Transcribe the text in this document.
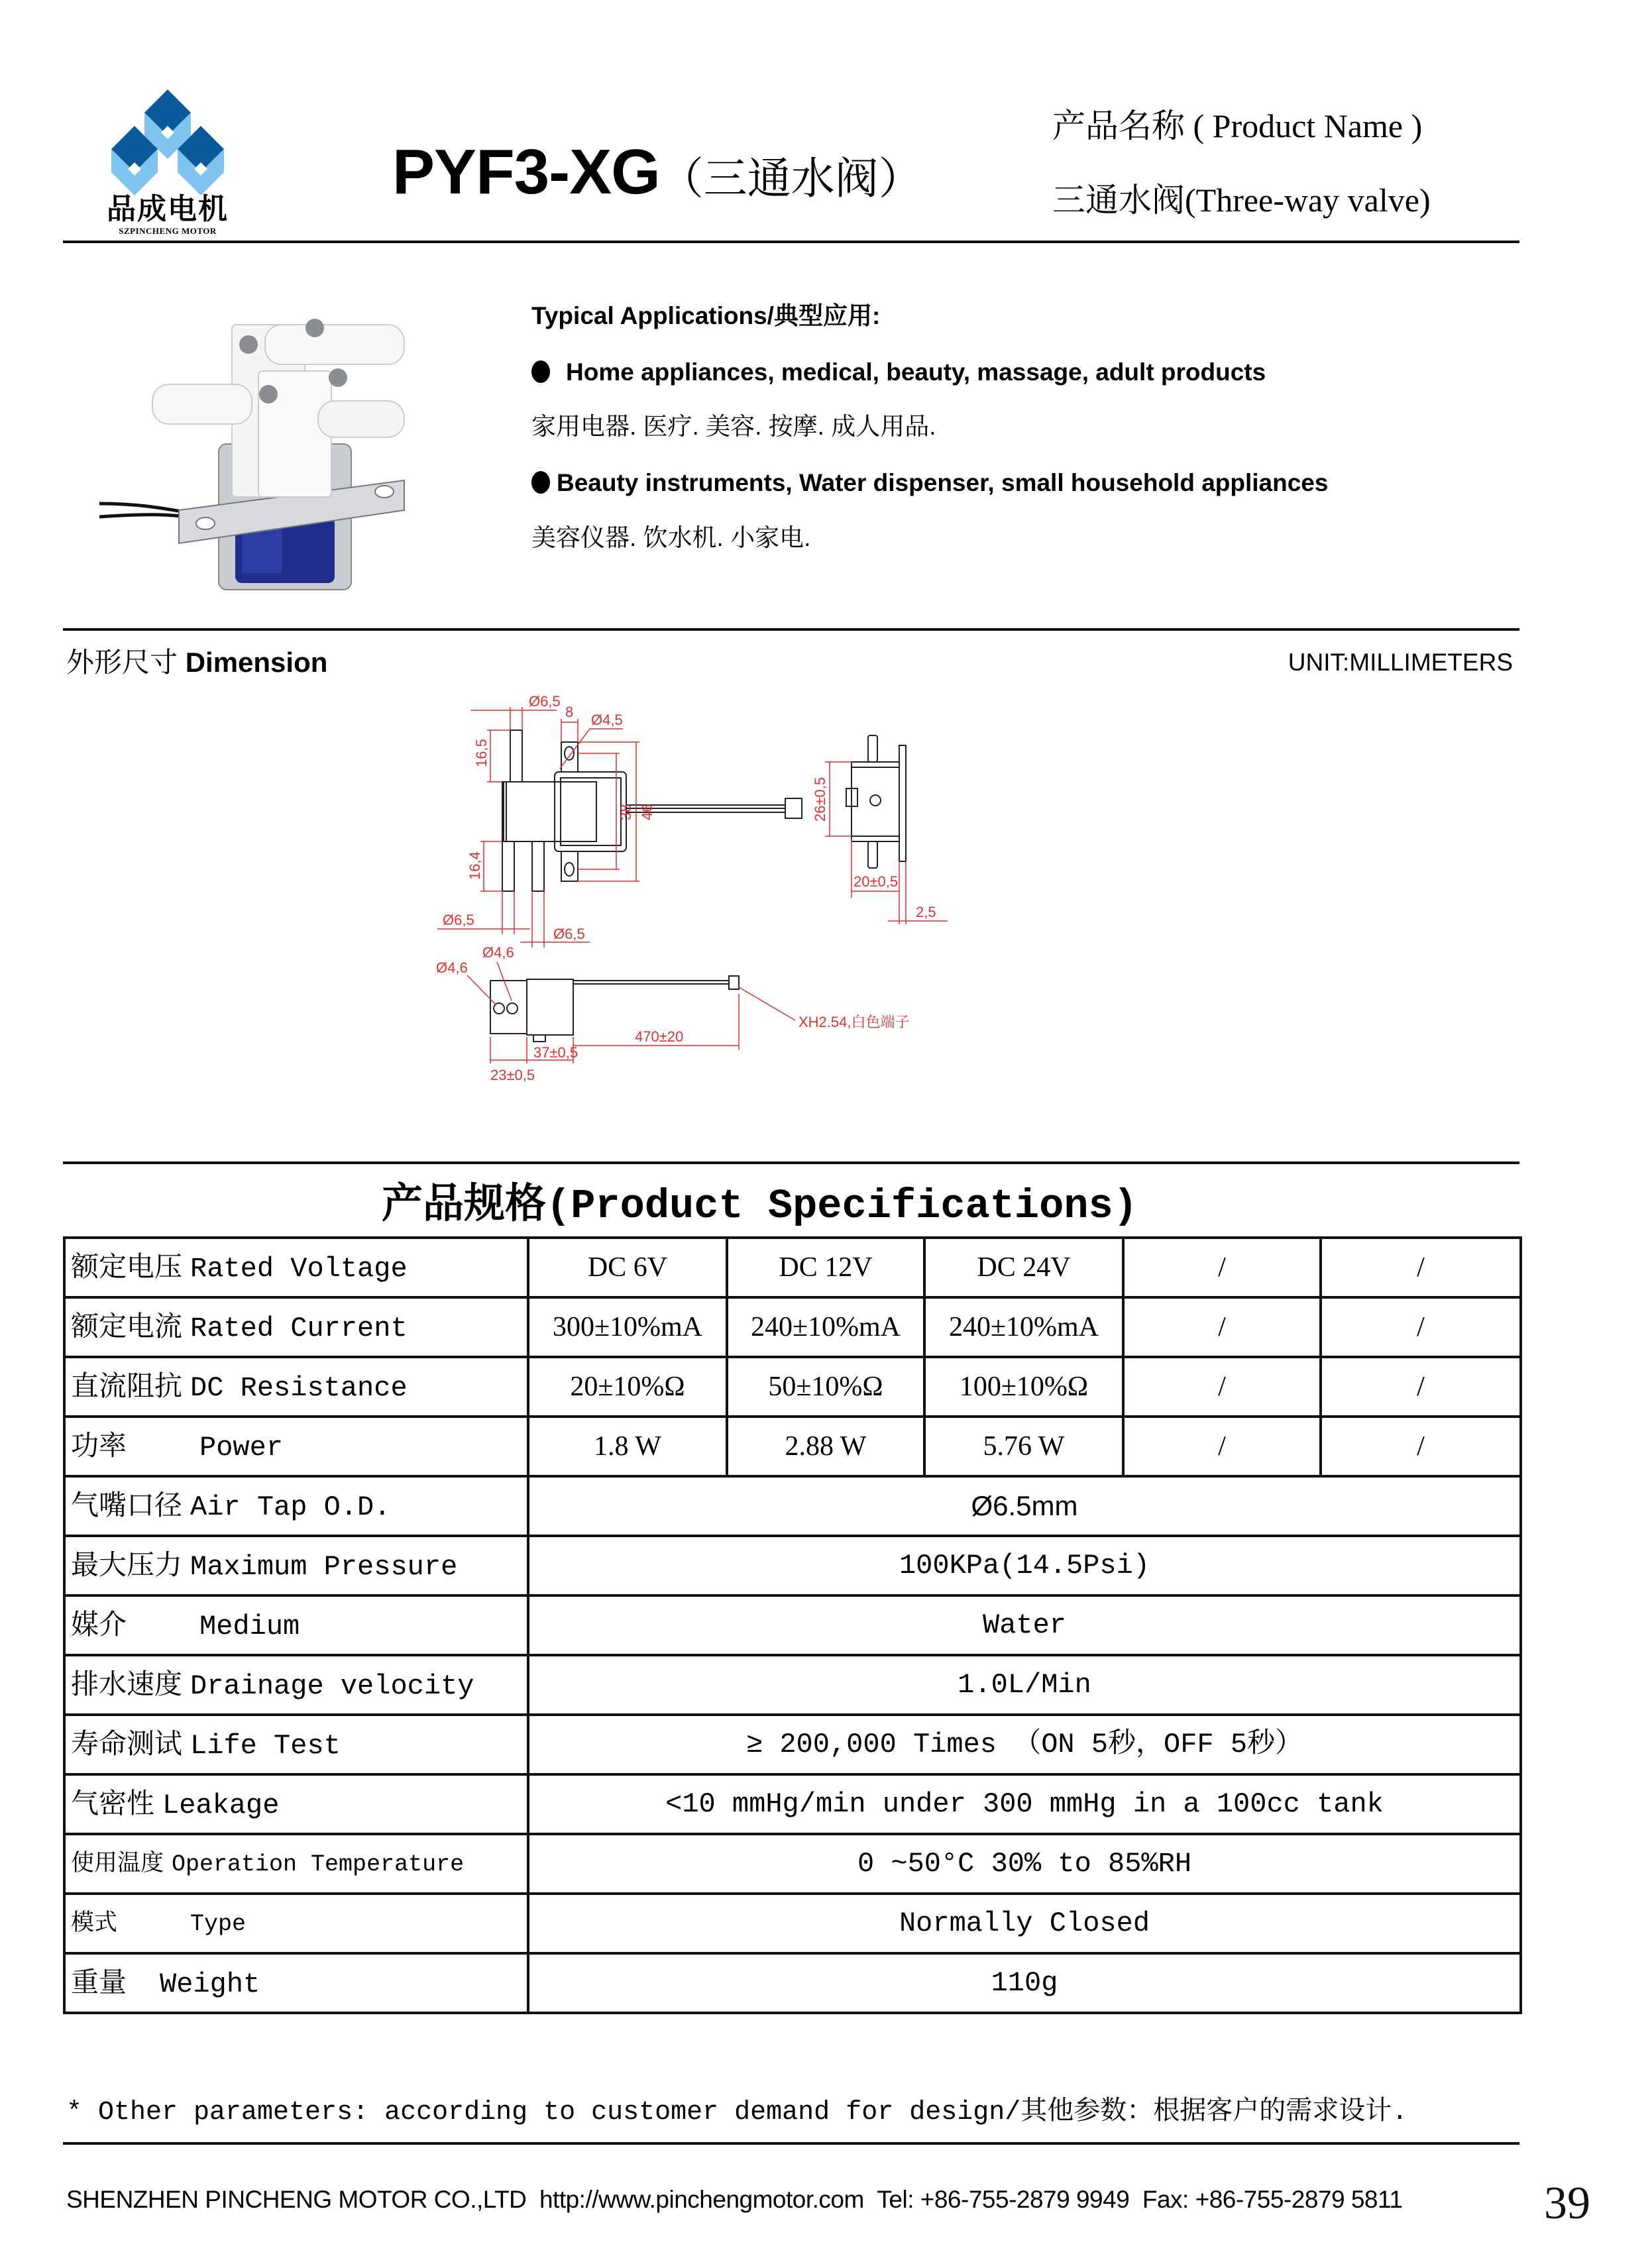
品成电机
SZPINCHENG MOTOR
PYF3-XG（三通水阀）
产品名称 ( Product Name )
三通水阀(Three-way valve)
Typical Applications/典型应用:
Home appliances, medical, beauty, massage, adult products
家用电器. 医疗. 美容. 按摩. 成人用品.
Beauty instruments, Water dispenser, small household appliances
美容仪器. 饮水机. 小家电.
外形尺寸 Dimension	UNIT:MILLIMETERS
Ø6,5
8 Ø4,5
16,5
38 46
16,4
Ø6,5
Ø6,5
26±0,5
20±0,5
2,5
Ø4,6
Ø4,6
23±0,5
37±0,5
470±20
XH2.54,白色端子
产品规格(Product Specifications)
额定电压 Rated Voltage	DC 6V	DC 12V	DC 24V	/	/
额定电流 Rated Current	300±10%mA	240±10%mA	240±10%mA	/	/
直流阻抗 DC Resistance	20±10%Ω	50±10%Ω	100±10%Ω	/	/
功率 Power	1.8 W	2.88 W	5.76 W	/	/
气嘴口径 Air Tap O.D.	Ø6.5mm				
最大压力 Maximum Pressure	100KPa(14.5Psi)				
媒介 Medium	Water				
排水速度 Drainage velocity	1.0L/Min				
寿命测试 Life Test	≥ 200,000 Times （ON 5秒，OFF 5秒）				
气密性 Leakage	<10 mmHg/min under 300 mmHg in a 100cc tank				
使用温度 Operation Temperature	0 ~50°C 30% to 85%RH				
模式 Type	Normally Closed				
重量 Weight	110g				
* Other parameters: according to customer demand for design/其他参数：根据客户的需求设计.
SHENZHEN PINCHENG MOTOR CO.,LTD http://www.pinchengmotor.com Tel: +86-755-2879 9949 Fax: +86-755-2879 5811	39
